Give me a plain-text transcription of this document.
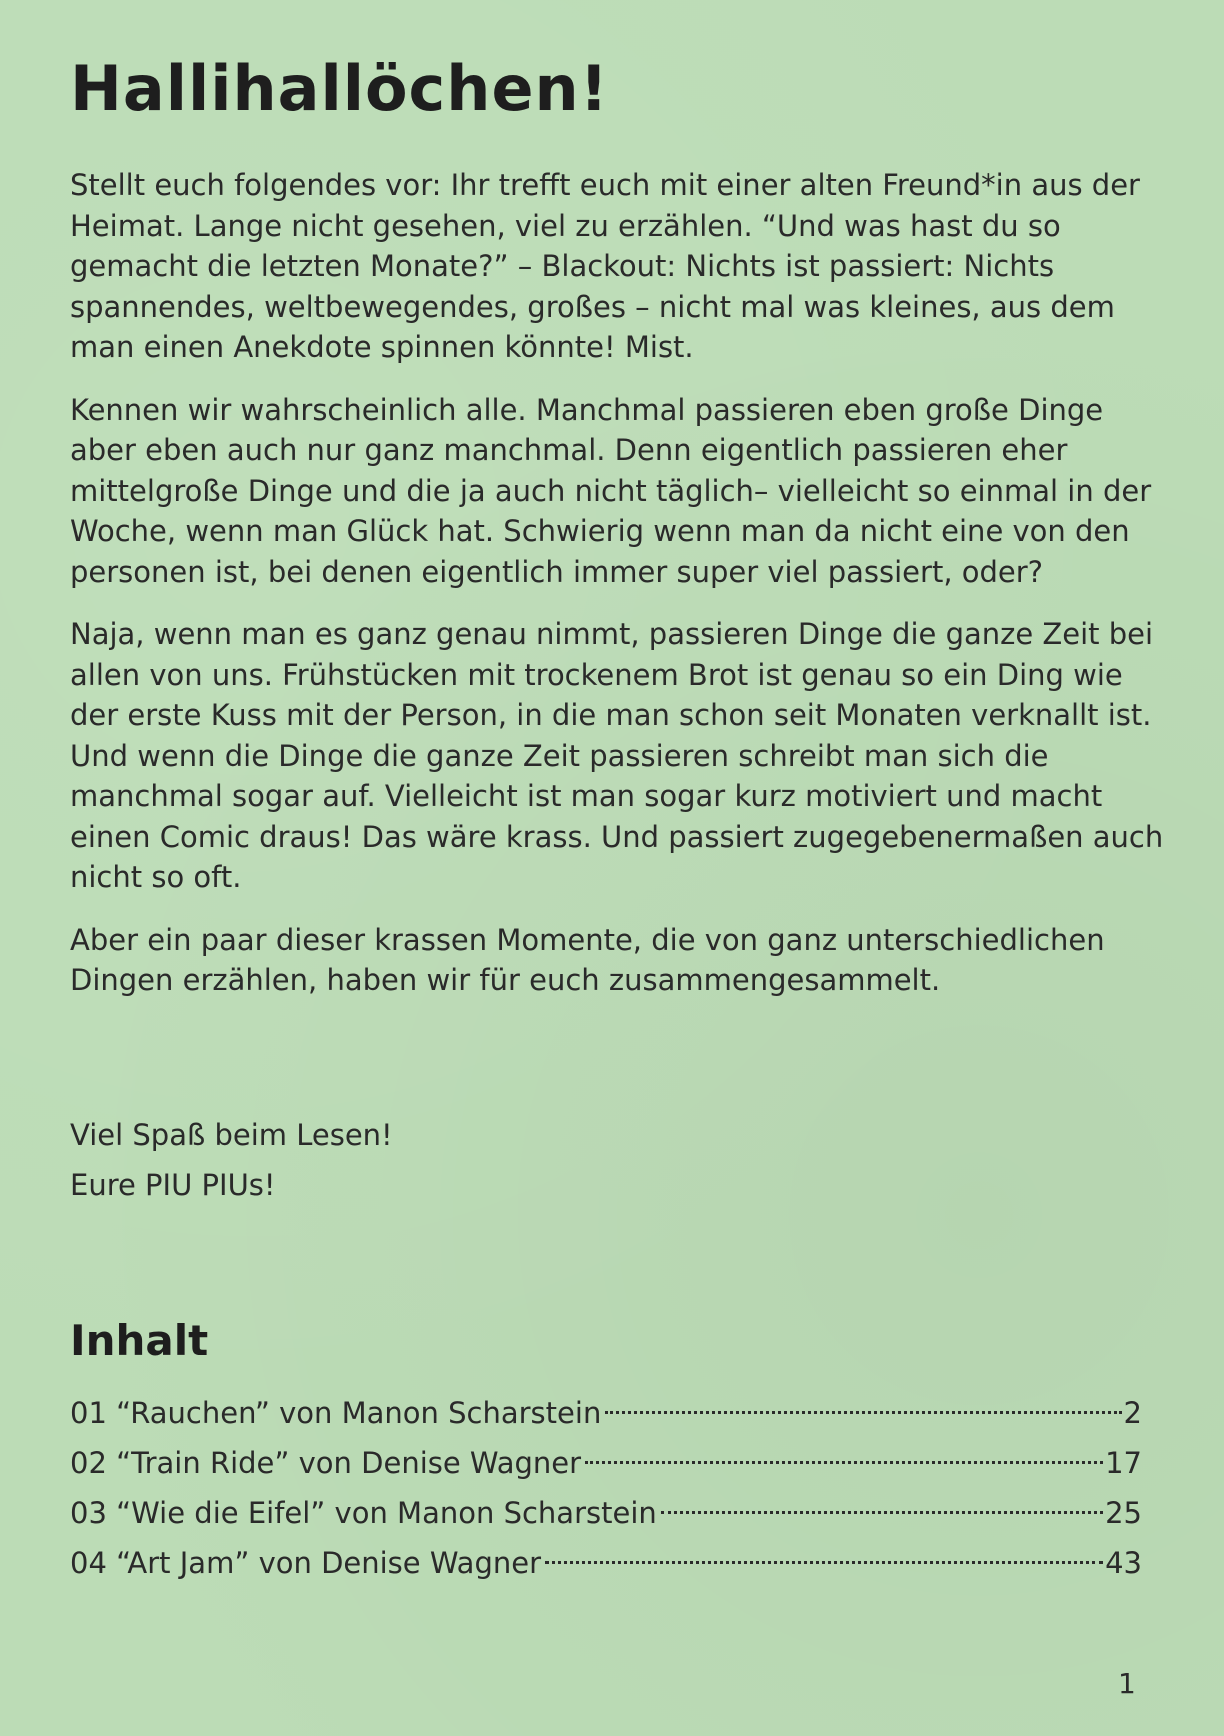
Hallihallöchen!

Stellt euch folgendes vor: Ihr trefft euch mit einer alten Freund*in aus der Heimat. Lange nicht gesehen, viel zu erzählen. “Und was hast du so gemacht die letzten Monate?” – Blackout: Nichts ist passiert: Nichts spannendes, weltbewegendes, großes – nicht mal was kleines, aus dem man einen Anekdote spinnen könnte! Mist.

Kennen wir wahrscheinlich alle. Manchmal passieren eben große Dinge aber eben auch nur ganz manchmal. Denn eigentlich passieren eher mittelgroße Dinge und die ja auch nicht täglich– vielleicht so einmal in der Woche, wenn man Glück hat. Schwierig wenn man da nicht eine von den personen ist, bei denen eigentlich immer super viel passiert, oder?

Naja, wenn man es ganz genau nimmt, passieren Dinge die ganze Zeit bei allen von uns. Frühstücken mit trockenem Brot ist genau so ein Ding wie der erste Kuss mit der Person, in die man schon seit Monaten verknallt ist. Und wenn die Dinge die ganze Zeit passieren schreibt man sich die manchmal sogar auf. Vielleicht ist man sogar kurz motiviert und macht einen Comic draus! Das wäre krass. Und passiert zugegebenermaßen auch nicht so oft.

Aber ein paar dieser krassen Momente, die von ganz unterschiedlichen Dingen erzählen, haben wir für euch zusammengesammelt.

Viel Spaß beim Lesen!
Eure PIU PIUs!
Inhalt
01 “Rauchen” von Manon Scharstein	2
02 “Train Ride” von Denise Wagner	17
03 “Wie die Eifel” von Manon Scharstein	25
04 “Art Jam” von Denise Wagner	43
1
